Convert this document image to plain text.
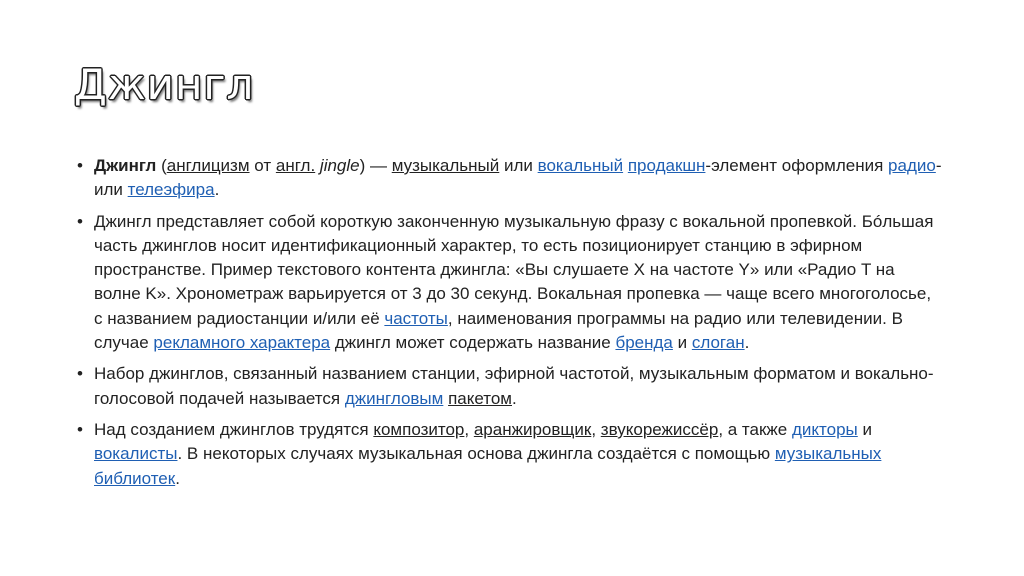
Джингл
• Джингл (англицизм от англ. jingle) — музыкальный или вокальный продакшн-элемент оформления радио- или телеэфира.
• Джингл представляет собой короткую законченную музыкальную фразу с вокальной пропевкой. Бóльшая часть джинглов носит идентификационный характер, то есть позиционирует станцию в эфирном пространстве. Пример текстового контента джингла: «Вы слушаете X на частоте Y» или «Радио T на волне K». Хронометраж варьируется от 3 до 30 секунд. Вокальная пропевка — чаще всего многоголосье, с названием радиостанции и/или её частоты, наименования программы на радио или телевидении. В случае рекламного характера джингл может содержать название бренда и слоган.
• Набор джинглов, связанный названием станции, эфирной частотой, музыкальным форматом и вокально-голосовой подачей называется джингловым пакетом.
• Над созданием джинглов трудятся композитор, аранжировщик, звукорежиссёр, а также дикторы и вокалисты. В некоторых случаях музыкальная основа джингла создаётся с помощью музыкальных библиотек.
